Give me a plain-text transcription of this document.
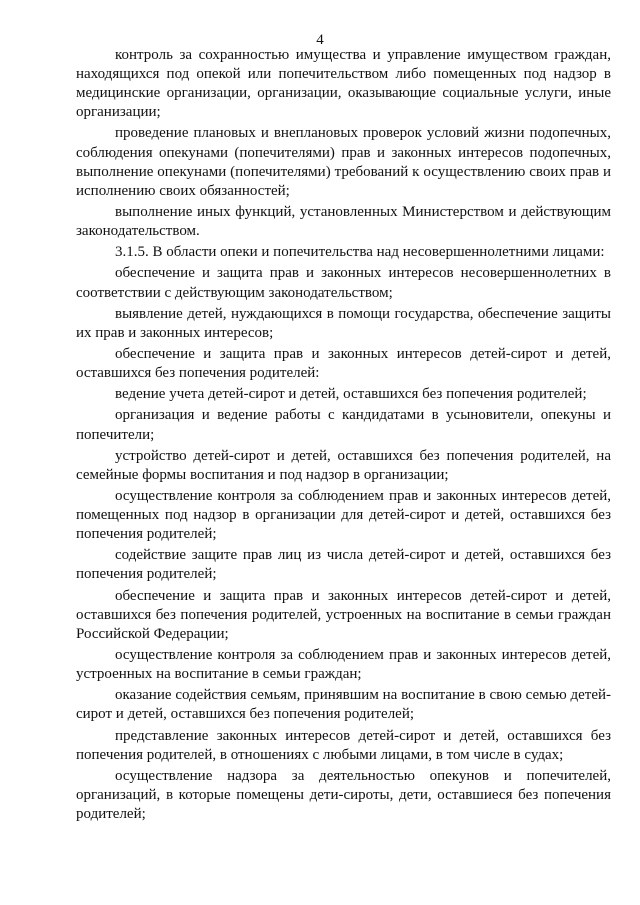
4

контроль за сохранностью имущества и управление имуществом граждан, находящихся под опекой или попечительством либо помещенных под надзор в медицинские организации, организации, оказывающие социальные услуги, иные организации;

проведение плановых и внеплановых проверок условий жизни подопечных, соблюдения опекунами (попечителями) прав и законных интересов подопечных, выполнение опекунами (попечителями) требований к осуществлению своих прав и исполнению своих обязанностей;

выполнение иных функций, установленных Министерством и действующим законодательством.

3.1.5. В области опеки и попечительства над несовершеннолетними лицами:

обеспечение и защита прав и законных интересов несовершеннолетних в соответствии с действующим законодательством;

выявление детей, нуждающихся в помощи государства, обеспечение защиты их прав и законных интересов;

обеспечение и защита прав и законных интересов детей-сирот и детей, оставшихся без попечения родителей:

ведение учета детей-сирот и детей, оставшихся без попечения родителей;

организация и ведение работы с кандидатами в усыновители, опекуны и попечители;

устройство детей-сирот и детей, оставшихся без попечения родителей, на семейные формы воспитания и под надзор в организации;

осуществление контроля за соблюдением прав и законных интересов детей, помещенных под надзор в организации для детей-сирот и детей, оставшихся без попечения родителей;

содействие защите прав лиц из числа детей-сирот и детей, оставшихся без попечения родителей;

обеспечение и защита прав и законных интересов детей-сирот и детей, оставшихся без попечения родителей, устроенных на воспитание в семьи граждан Российской Федерации;

осуществление контроля за соблюдением прав и законных интересов детей, устроенных на воспитание в семьи граждан;

оказание содействия семьям, принявшим на воспитание в свою семью детей-сирот и детей, оставшихся без попечения родителей;

представление законных интересов детей-сирот и детей, оставшихся без попечения родителей, в отношениях с любыми лицами, в том числе в судах;

осуществление надзора за деятельностью опекунов и попечителей, организаций, в которые помещены дети-сироты, дети, оставшиеся без попечения родителей;
